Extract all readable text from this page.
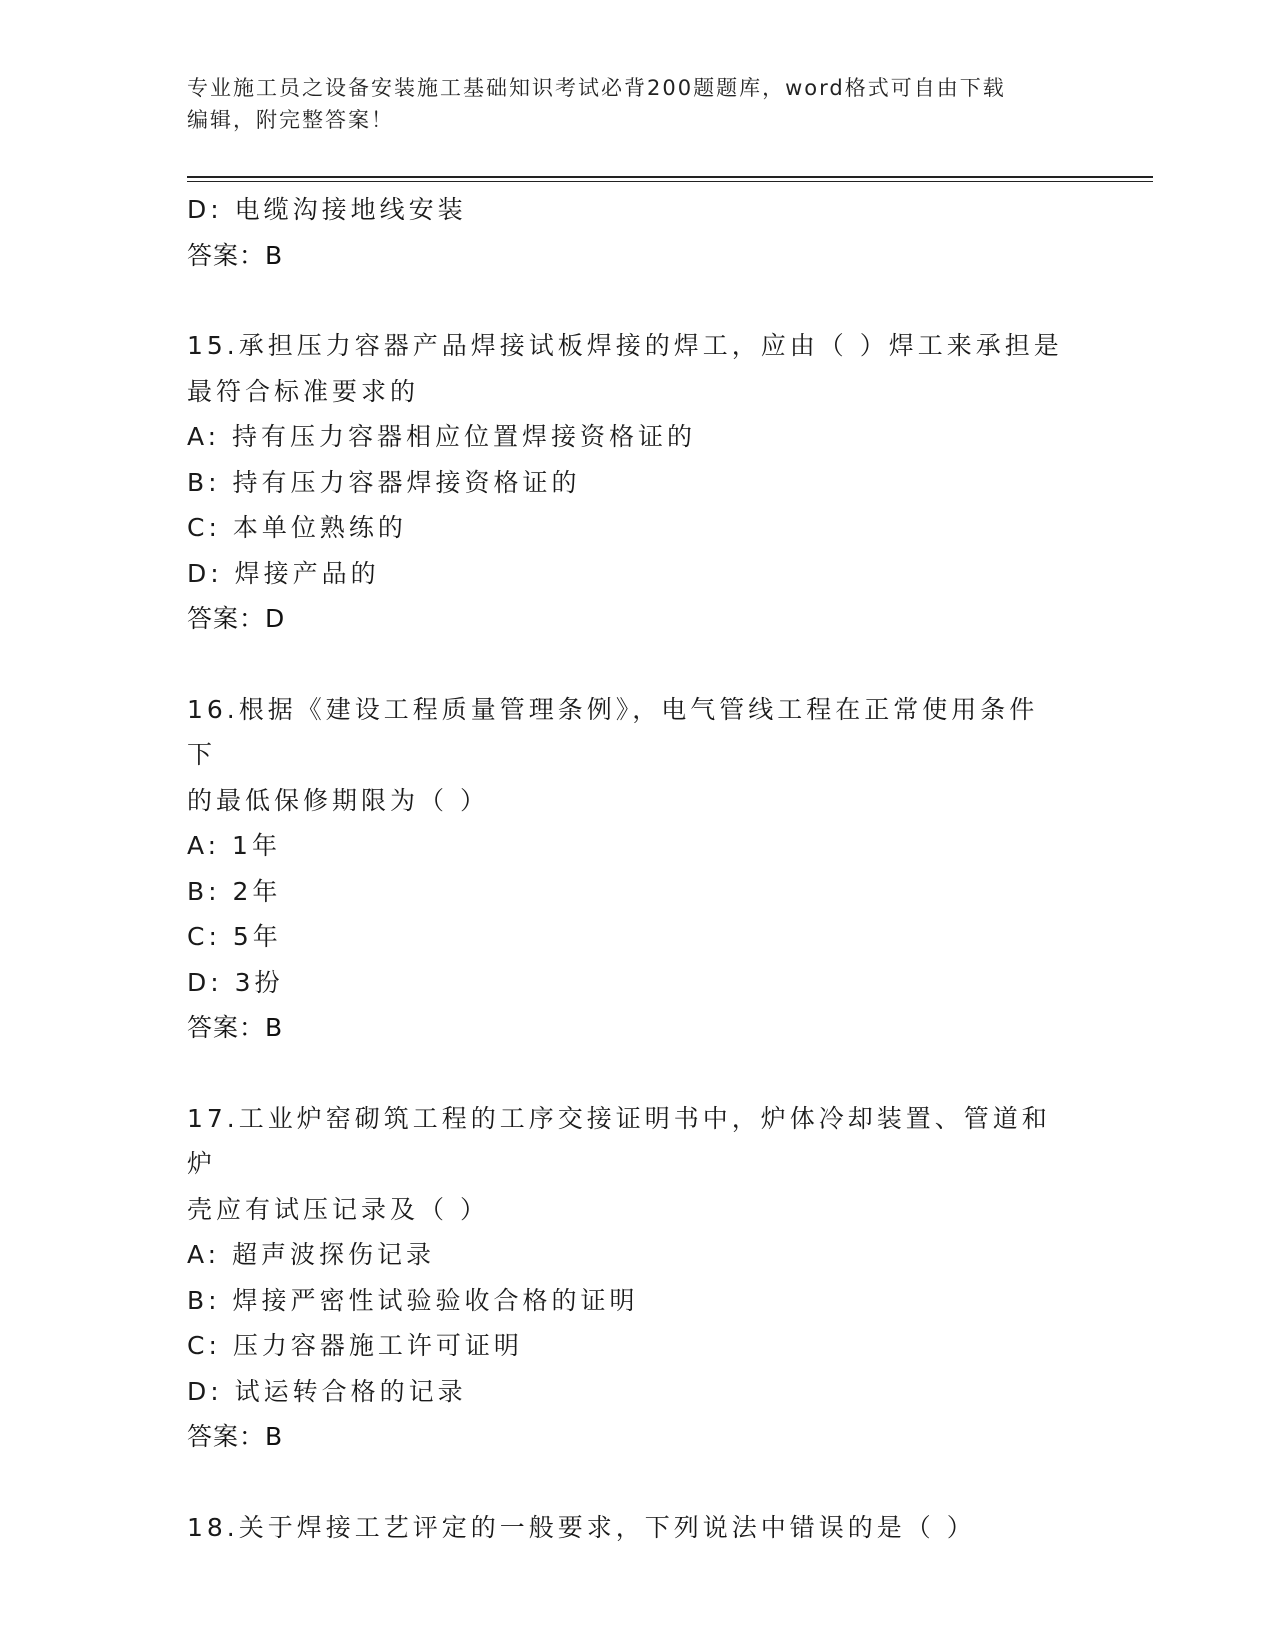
专业施工员之设备安装施工基础知识考试必背200题题库，word格式可自由下载
编辑，附完整答案！
D: 电缆沟接地线安装
答案：B
15.承担压力容器产品焊接试板焊接的焊工，应由（ ）焊工来承担是
最符合标准要求的
A: 持有压力容器相应位置焊接资格证的
B: 持有压力容器焊接资格证的
C: 本单位熟练的
D: 焊接产品的
答案：D
16.根据《建设工程质量管理条例》，电气管线工程在正常使用条件下
的最低保修期限为（ ）
A: 1年
B: 2年
C: 5年
D: 3扮
答案：B
17.工业炉窑砌筑工程的工序交接证明书中，炉体冷却装置、管道和炉
壳应有试压记录及（ ）
A: 超声波探伤记录
B: 焊接严密性试验验收合格的证明
C: 压力容器施工许可证明
D: 试运转合格的记录
答案：B
18.关于焊接工艺评定的一般要求，下列说法中错误的是（ ）
